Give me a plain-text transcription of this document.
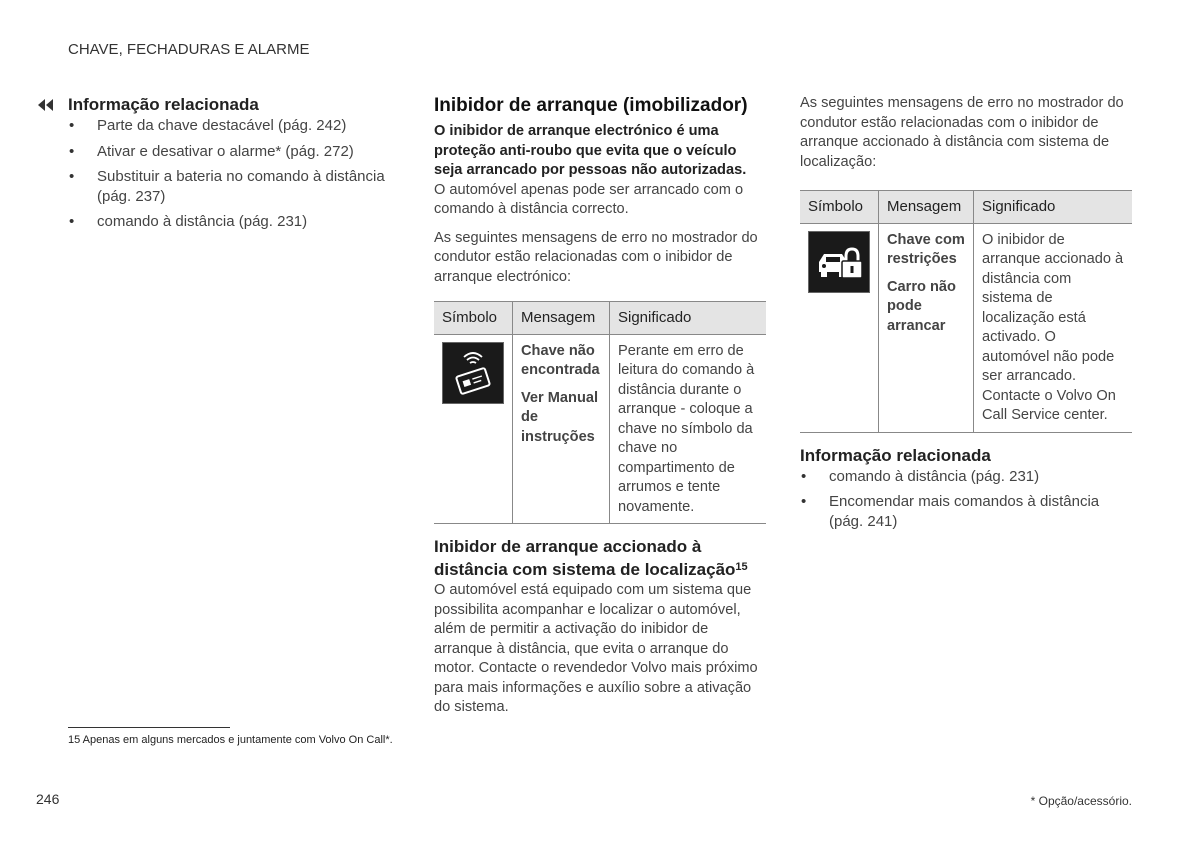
CHAVE, FECHADURAS E ALARME
Informação relacionada
• Parte da chave destacável (pág. 242)
• Ativar e desativar o alarme* (pág. 272)
• Substituir a bateria no comando à distância (pág. 237)
• comando à distância (pág. 231)
Inibidor de arranque (imobilizador)

O inibidor de arranque electrónico é uma proteção anti-roubo que evita que o veículo seja arrancado por pessoas não autorizadas.

O automóvel apenas pode ser arrancado com o comando à distância correcto.

As seguintes mensagens de erro no mostrador do condutor estão relacionadas com o inibidor de arranque electrónico:

Símbolo	Mensagem	Significado

Chave não encontrada
Ver Manual de instruções	Perante em erro de leitura do comando à distância durante o arranque - coloque a chave no símbolo da chave no compartimento de arrumos e tente novamente.
Inibidor de arranque accionado à distância com sistema de localização$^{15}$

O automóvel está equipado com um sistema que possibilita acompanhar e localizar o automóvel, além de permitir a activação do inibidor de arranque à distância, que evita o arranque do motor. Contacte o revendedor Volvo mais próximo para mais informações e auxílio sobre a ativação do sistema.

As seguintes mensagens de erro no mostrador do condutor estão relacionadas com o inibidor de arranque accionado à distância com sistema de localização:

Símbolo	Mensagem	Significado

Chave com restrições
Carro não pode arrancar	O inibidor de arranque accionado à distância com sistema de localização está activado. O automóvel não pode ser arrancado. Contacte o Volvo On Call Service center.
Informação relacionada
• comando à distância (pág. 231)
• Encomendar mais comandos à distância (pág. 241)
15 Apenas em alguns mercados e juntamente com Volvo On Call*.
246	* Opção/acessório.
